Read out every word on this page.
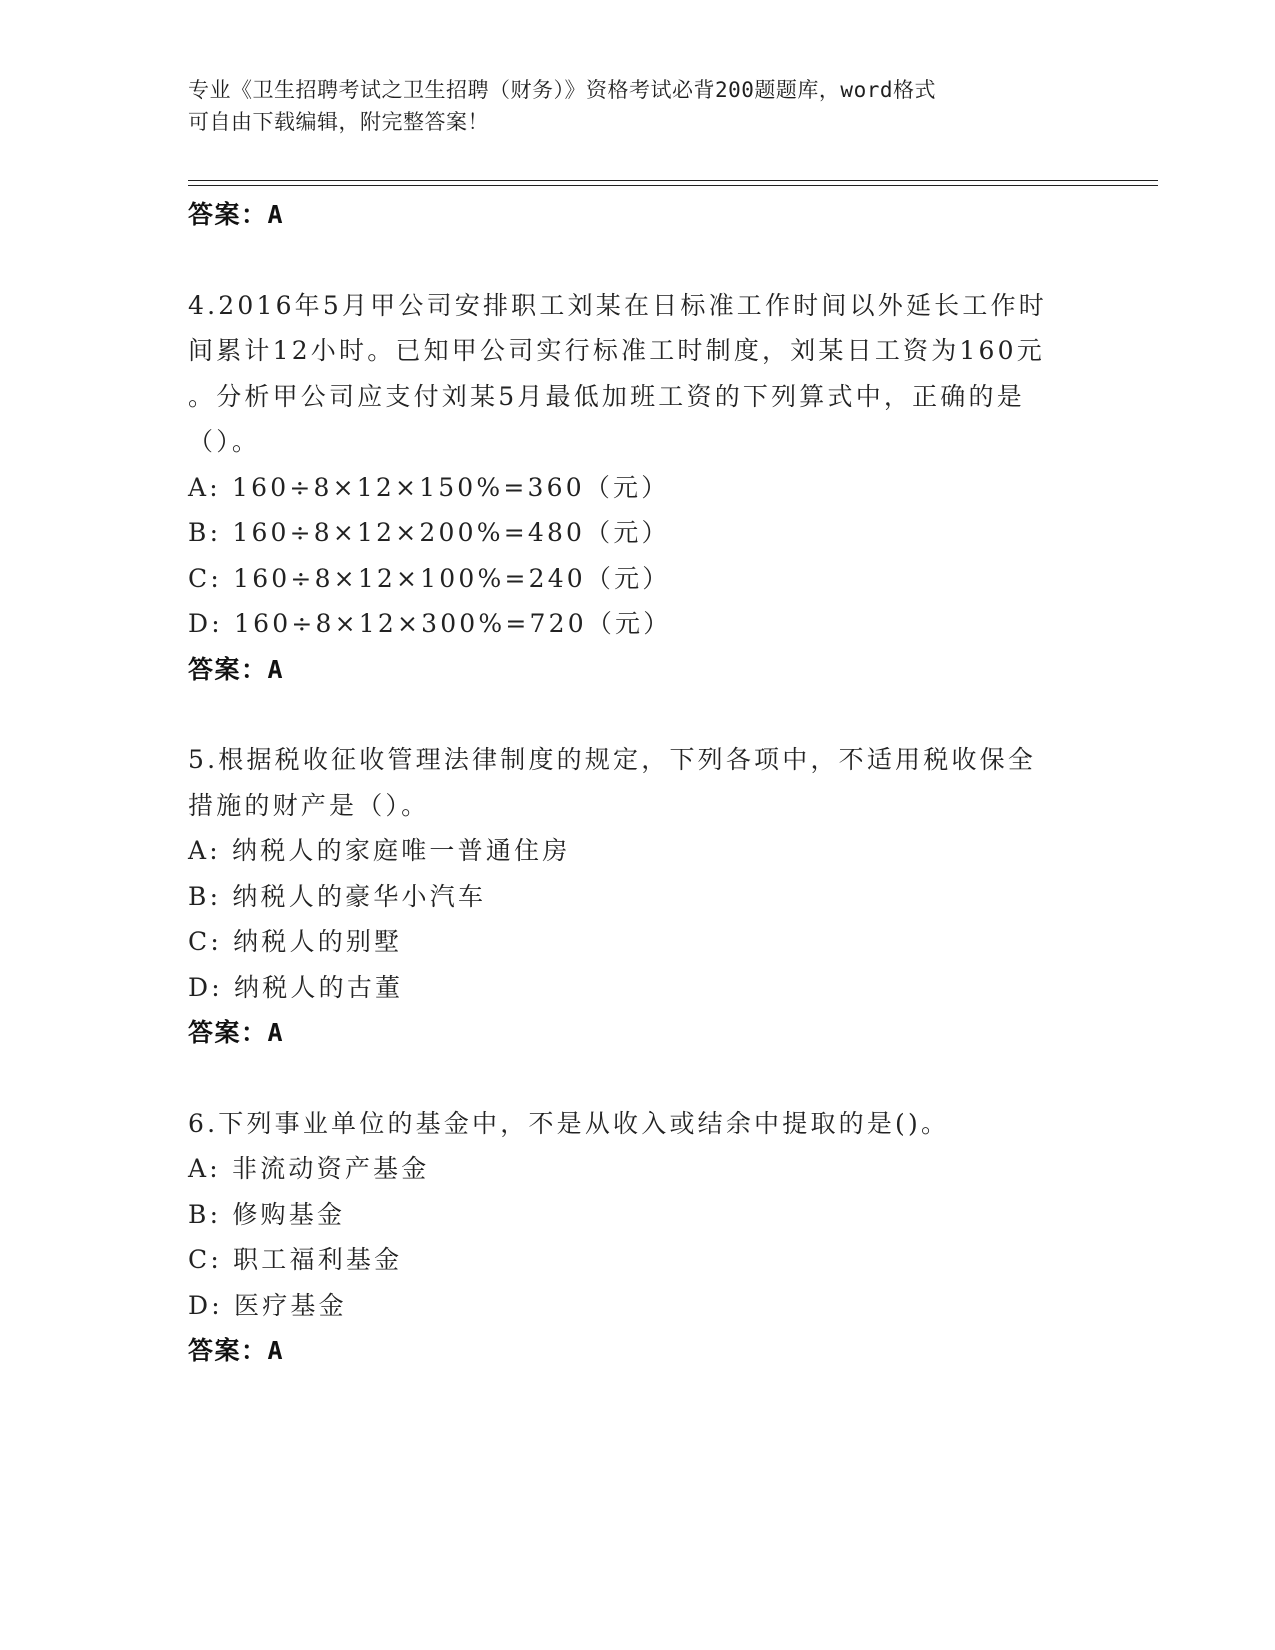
专业《卫生招聘考试之卫生招聘（财务）》资格考试必背200题题库，word格式
可自由下载编辑，附完整答案！
答案：A
4.2016年5月甲公司安排职工刘某在日标准工作时间以外延长工作时
间累计12小时。已知甲公司实行标准工时制度，刘某日工资为160元
。分析甲公司应支付刘某5月最低加班工资的下列算式中，正确的是
（）。
A: 160÷8×12×150%=360（元）
B: 160÷8×12×200%=480（元）
C: 160÷8×12×100%=240（元）
D: 160÷8×12×300%=720（元）
答案：A
5.根据税收征收管理法律制度的规定，下列各项中，不适用税收保全
措施的财产是（）。
A: 纳税人的家庭唯一普通住房
B: 纳税人的豪华小汽车
C: 纳税人的别墅
D: 纳税人的古董
答案：A
6.下列事业单位的基金中，不是从收入或结余中提取的是()。
A: 非流动资产基金
B: 修购基金
C: 职工福利基金
D: 医疗基金
答案：A
